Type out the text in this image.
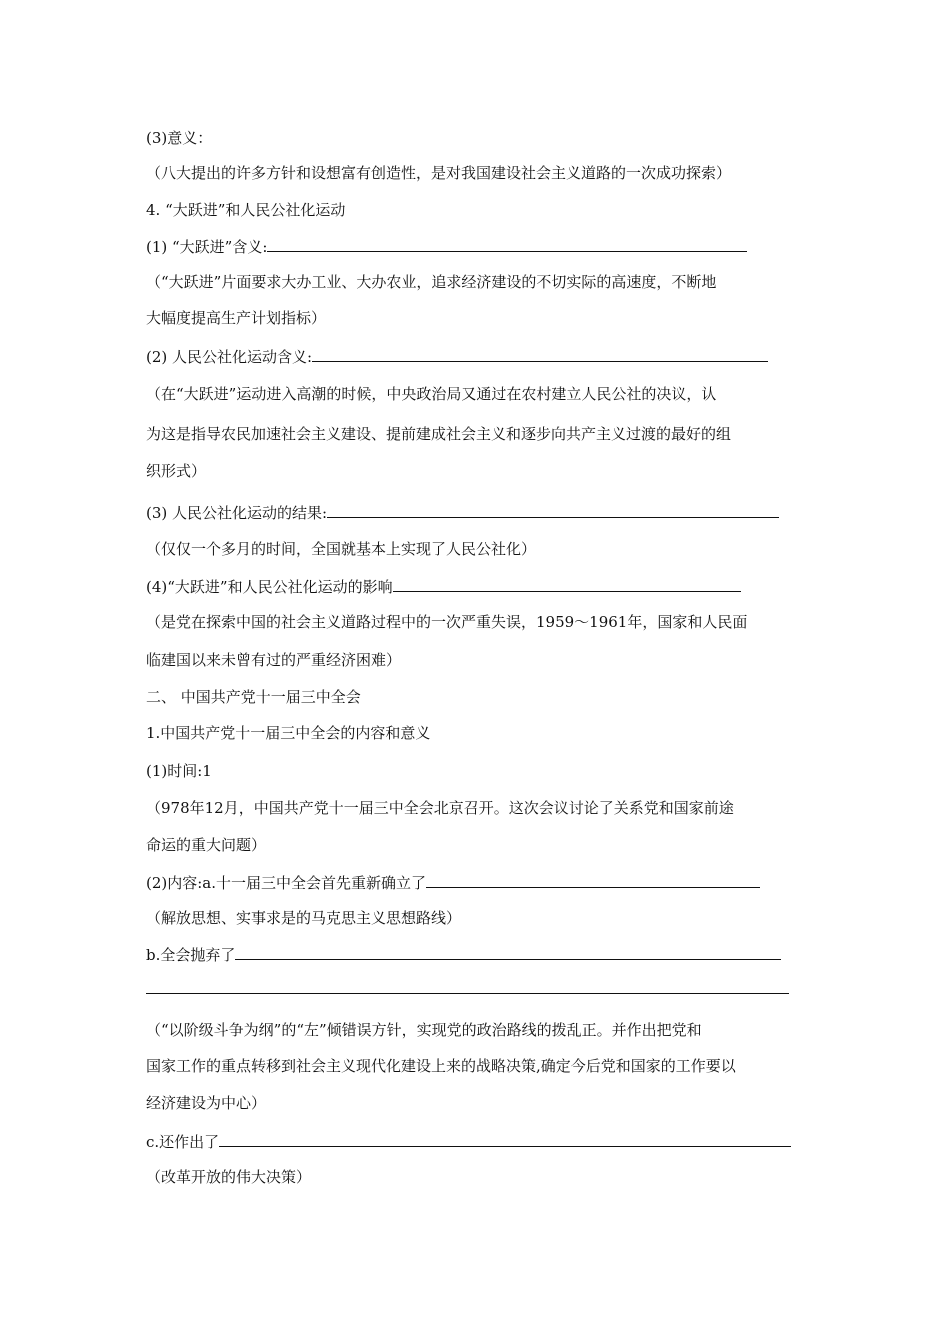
(3)意义：
（八大提出的许多方针和设想富有创造性，是对我国建设社会主义道路的一次成功探索）
4. “大跃进”和人民公社化运动
(1) “大跃进”含义:
（“大跃进”片面要求大办工业、大办农业，追求经济建设的不切实际的高速度，不断地
大幅度提高生产计划指标）
(2) 人民公社化运动含义:
（在“大跃进”运动进入高潮的时候，中央政治局又通过在农村建立人民公社的决议，认
为这是指导农民加速社会主义建设、提前建成社会主义和逐步向共产主义过渡的最好的组
织形式）
(3) 人民公社化运动的结果:
（仅仅一个多月的时间，全国就基本上实现了人民公社化）
(4)“大跃进”和人民公社化运动的影响
（是党在探索中国的社会主义道路过程中的一次严重失误，1959～1961年，国家和人民面
临建国以来未曾有过的严重经济困难）
二、 中国共产党十一届三中全会
1.中国共产党十一届三中全会的内容和意义
(1)时间:1
（978年12月，中国共产党十一届三中全会北京召开。这次会议讨论了关系党和国家前途
命运的重大问题）
(2)内容:a.十一届三中全会首先重新确立了
（解放思想、实事求是的马克思主义思想路线）
b.全会抛弃了
（“以阶级斗争为纲”的“左”倾错误方针，实现党的政治路线的拨乱正。并作出把党和
国家工作的重点转移到社会主义现代化建设上来的战略决策,确定今后党和国家的工作要以
经济建设为中心）
c.还作出了
（改革开放的伟大决策）
